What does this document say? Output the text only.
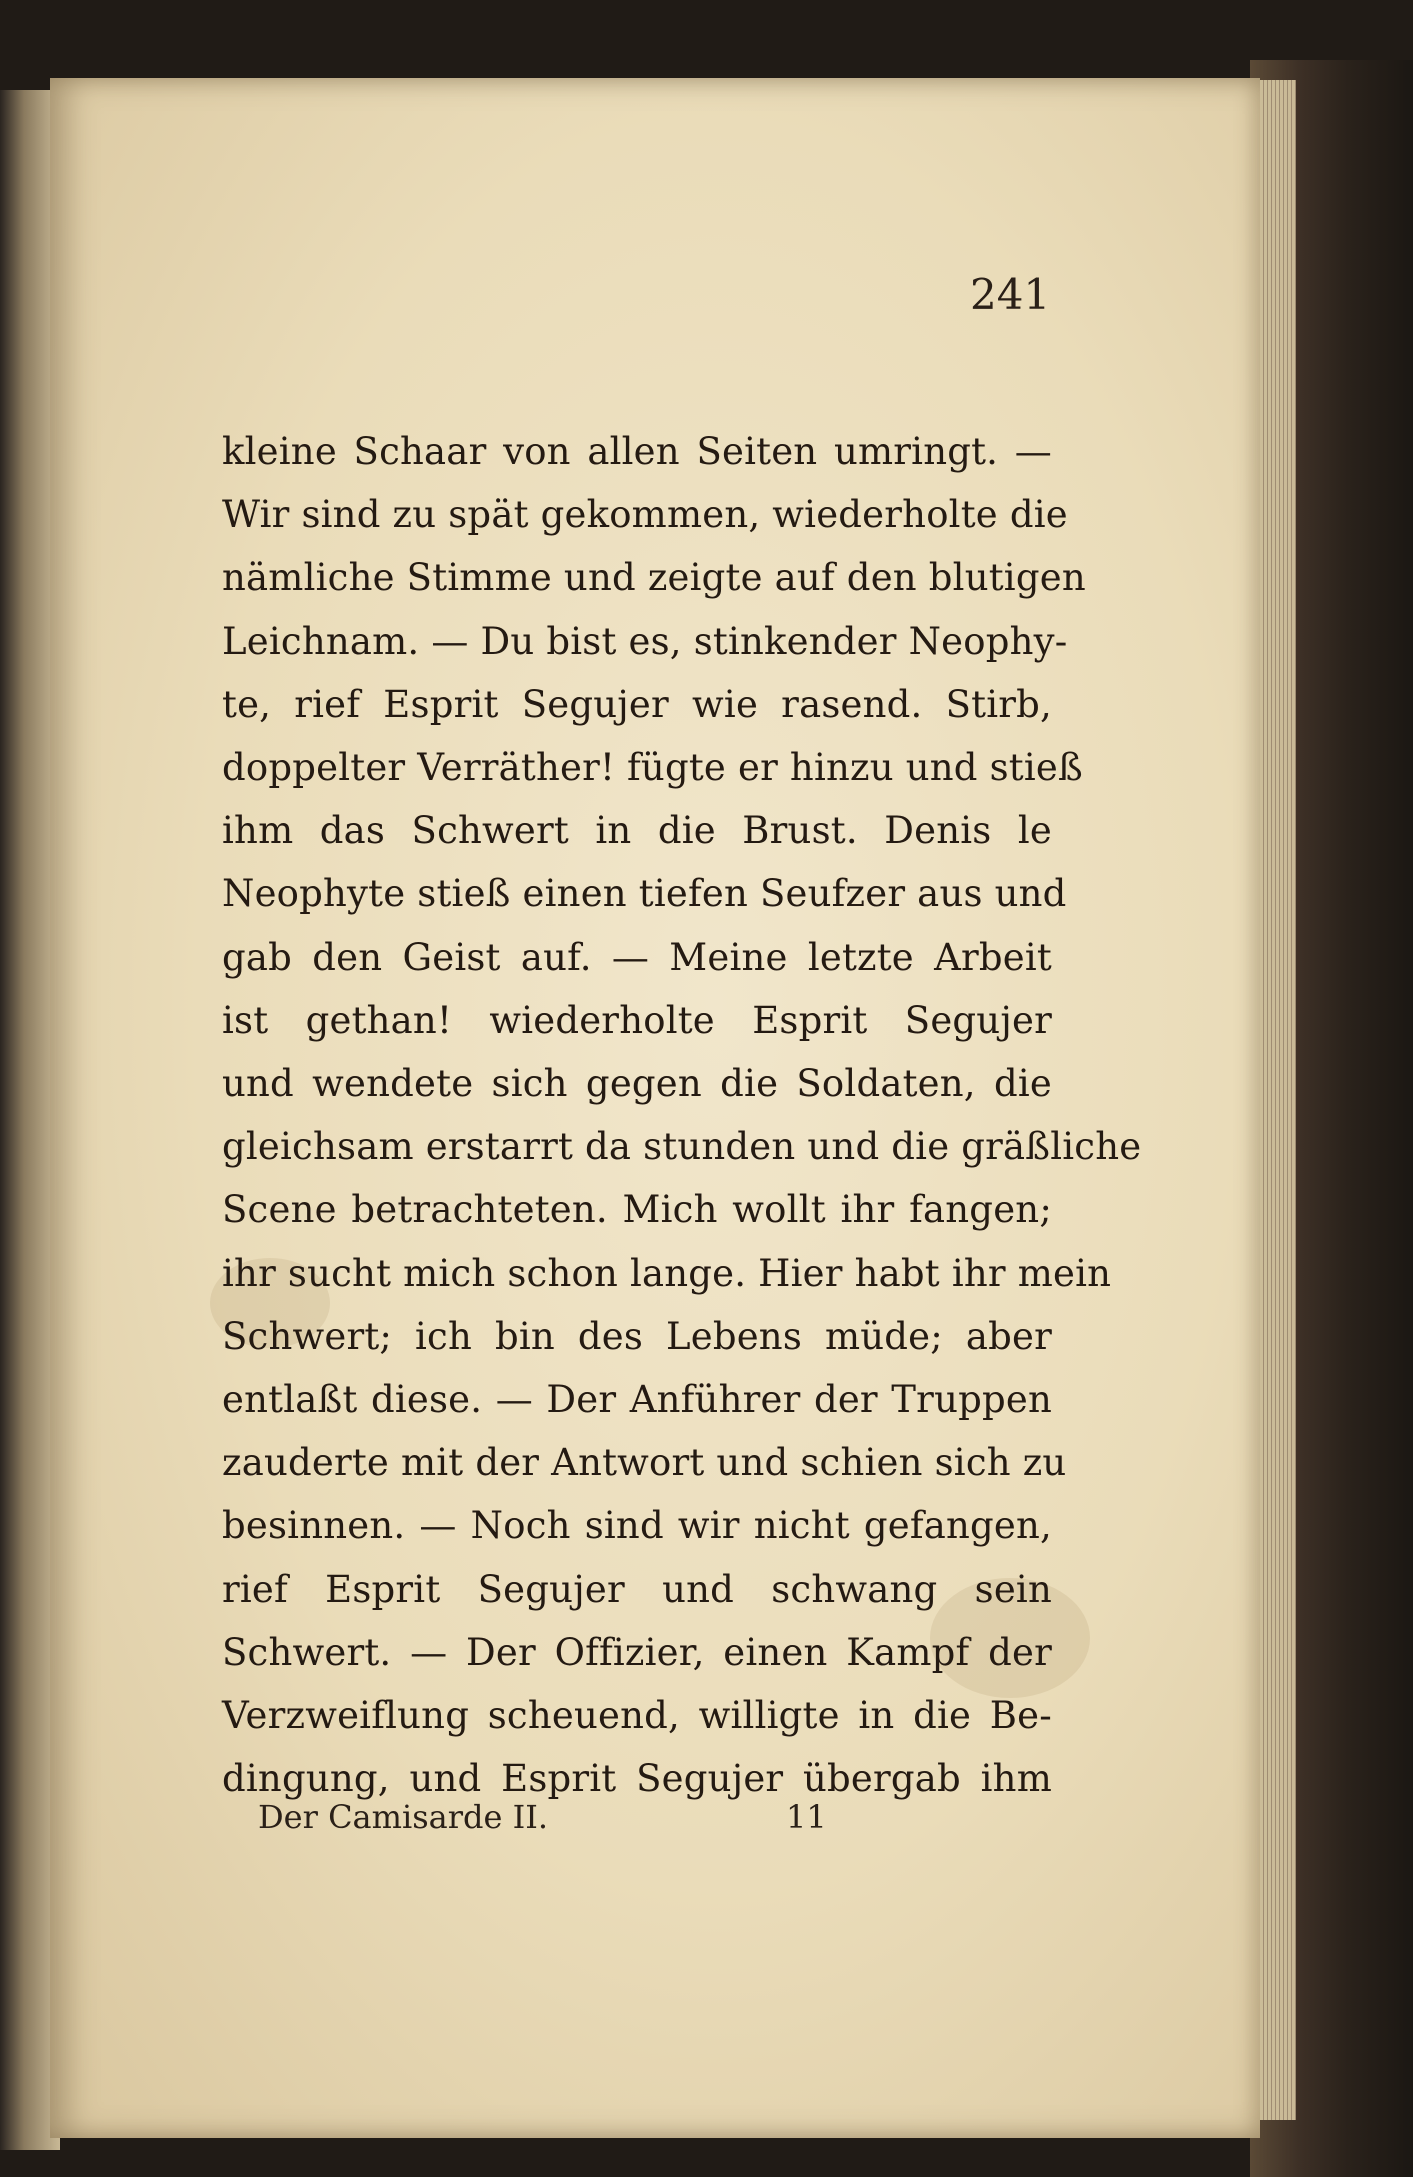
241
kleine Schaar von allen Seiten umringt. —
Wir sind zu spät gekommen, wiederholte die
nämliche Stimme und zeigte auf den blutigen
Leichnam. — Du bist es, stinkender Neophy-
te, rief Esprit Segujer wie rasend. Stirb,
doppelter Verräther! fügte er hinzu und stieß
ihm das Schwert in die Brust. Denis le
Neophyte stieß einen tiefen Seufzer aus und
gab den Geist auf. — Meine letzte Arbeit
ist gethan! wiederholte Esprit Segujer
und wendete sich gegen die Soldaten, die
gleichsam erstarrt da stunden und die gräßliche
Scene betrachteten. Mich wollt ihr fangen;
ihr sucht mich schon lange. Hier habt ihr mein
Schwert; ich bin des Lebens müde; aber
entlaßt diese. — Der Anführer der Truppen
zauderte mit der Antwort und schien sich zu
besinnen. — Noch sind wir nicht gefangen,
rief Esprit Segujer und schwang sein
Schwert. — Der Offizier, einen Kampf der
Verzweiflung scheuend, willigte in die Be-
dingung, und Esprit Segujer übergab ihm
Der Camisarde II.	11
